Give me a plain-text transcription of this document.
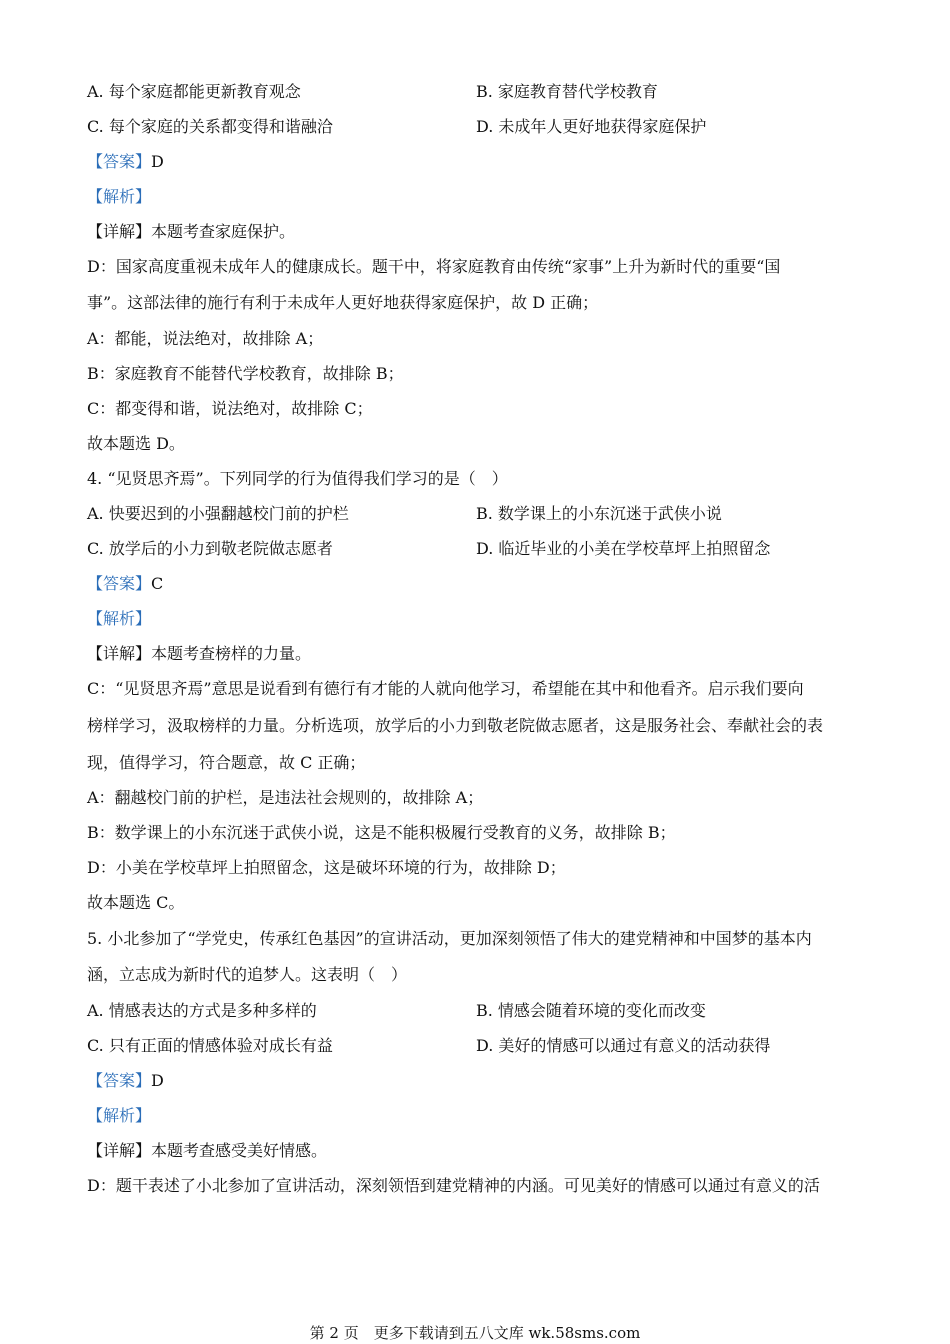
A. 每个家庭都能更新教育观念	B. 家庭教育替代学校教育
C. 每个家庭的关系都变得和谐融洽	D. 未成年人更好地获得家庭保护
【答案】D
【解析】
【详解】本题考查家庭保护。
D：国家高度重视未成年人的健康成长。题干中，将家庭教育由传统“家事”上升为新时代的重要“国
事”。这部法律的施行有利于未成年人更好地获得家庭保护，故 D 正确；
A：都能，说法绝对，故排除 A；
B：家庭教育不能替代学校教育，故排除 B；
C：都变得和谐，说法绝对，故排除 C；
故本题选 D。
4. “见贤思齐焉”。下列同学的行为值得我们学习的是（　）
A. 快要迟到的小强翻越校门前的护栏	B. 数学课上的小东沉迷于武侠小说
C. 放学后的小力到敬老院做志愿者	D. 临近毕业的小美在学校草坪上拍照留念
【答案】C
【解析】
【详解】本题考查榜样的力量。
C：“见贤思齐焉”意思是说看到有德行有才能的人就向他学习，希望能在其中和他看齐。启示我们要向
榜样学习，汲取榜样的力量。分析选项，放学后的小力到敬老院做志愿者，这是服务社会、奉献社会的表
现，值得学习，符合题意，故 C 正确；
A：翻越校门前的护栏，是违法社会规则的，故排除 A；
B：数学课上的小东沉迷于武侠小说，这是不能积极履行受教育的义务，故排除 B；
D：小美在学校草坪上拍照留念，这是破坏环境的行为，故排除 D；
故本题选 C。
5. 小北参加了“学党史，传承红色基因”的宣讲活动，更加深刻领悟了伟大的建党精神和中国梦的基本内
涵，立志成为新时代的追梦人。这表明（　）
A. 情感表达的方式是多种多样的	B. 情感会随着环境的变化而改变
C. 只有正面的情感体验对成长有益	D. 美好的情感可以通过有意义的活动获得
【答案】D
【解析】
【详解】本题考查感受美好情感。
D：题干表述了小北参加了宣讲活动，深刻领悟到建党精神的内涵。可见美好的情感可以通过有意义的活
第 2 页　更多下载请到五八文库 wk.58sms.com
